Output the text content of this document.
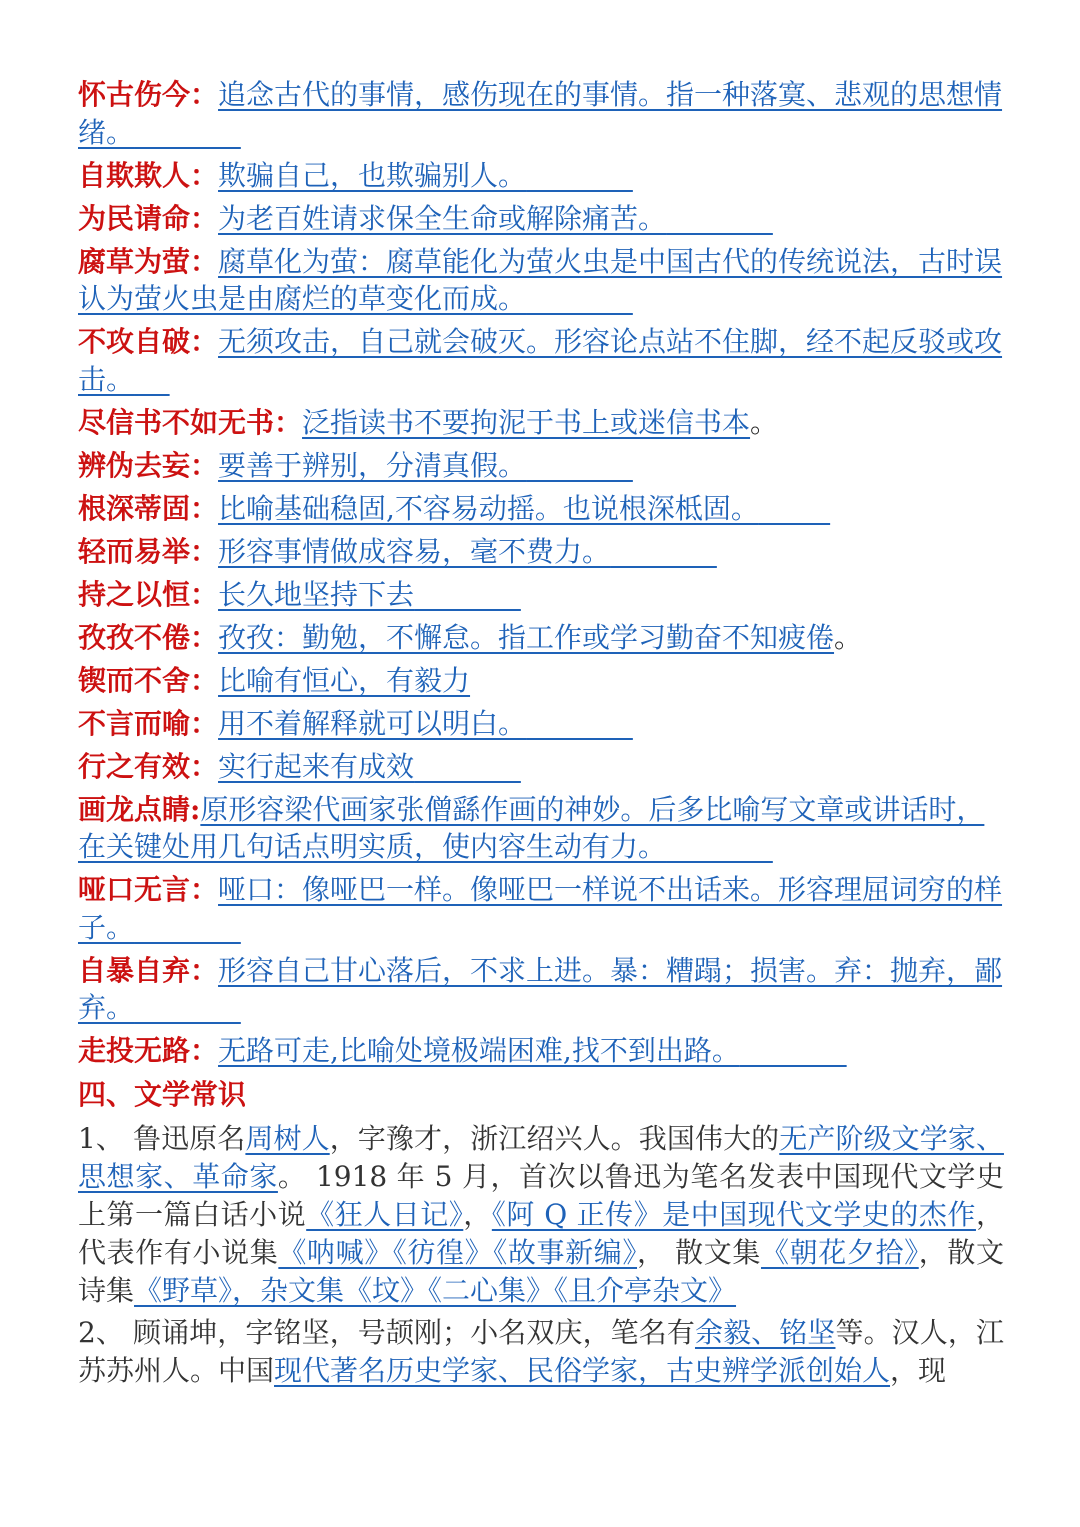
怀古伤今：追念古代的事情，感伤现在的事情。指一种落寞、悲观的思想情绪。
自欺欺人：欺骗自己，也欺骗别人。
为民请命：为老百姓请求保全生命或解除痛苦。
腐草为萤：腐草化为萤：腐草能化为萤火虫是中国古代的传统说法，古时误认为萤火虫是由腐烂的草变化而成。
不攻自破：无须攻击，自己就会破灭。形容论点站不住脚，经不起反驳或攻击。
尽信书不如无书：泛指读书不要拘泥于书上或迷信书本。
辨伪去妄：要善于辨别，分清真假。
根深蒂固：比喻基础稳固,不容易动摇。也说根深柢固。
轻而易举：形容事情做成容易，毫不费力。
持之以恒：长久地坚持下去
孜孜不倦：孜孜：勤勉，不懈怠。指工作或学习勤奋不知疲倦。
锲而不舍：比喻有恒心，有毅力
不言而喻：用不着解释就可以明白。
行之有效：实行起来有成效
画龙点睛:原形容梁代画家张僧繇作画的神妙。后多比喻写文章或讲话时，在关键处用几句话点明实质，使内容生动有力。
哑口无言：哑口：像哑巴一样。像哑巴一样说不出话来。形容理屈词穷的样子。
自暴自弃：形容自己甘心落后，不求上进。暴：糟蹋；损害。弃：抛弃，鄙弃。
走投无路：无路可走,比喻处境极端困难,找不到出路。
四、文学常识
1、 鲁迅原名周树人，字豫才，浙江绍兴人。我国伟大的无产阶级文学家、思想家、革命家。 1918 年 5 月，首次以鲁迅为笔名发表中国现代文学史上第一篇白话小说《狂人日记》，《阿 Q 正传》是中国现代文学史的杰作，代表作有小说集《呐喊》《彷徨》《故事新编》， 散文集《朝花夕拾》，散文诗集《野草》，杂文集《坟》《二心集》《且介亭杂文》
2、 顾诵坤，字铭坚，号颉刚；小名双庆，笔名有余毅、铭坚等。汉人，江苏苏州人。中国现代著名历史学家、民俗学家，古史辨学派创始人，现
